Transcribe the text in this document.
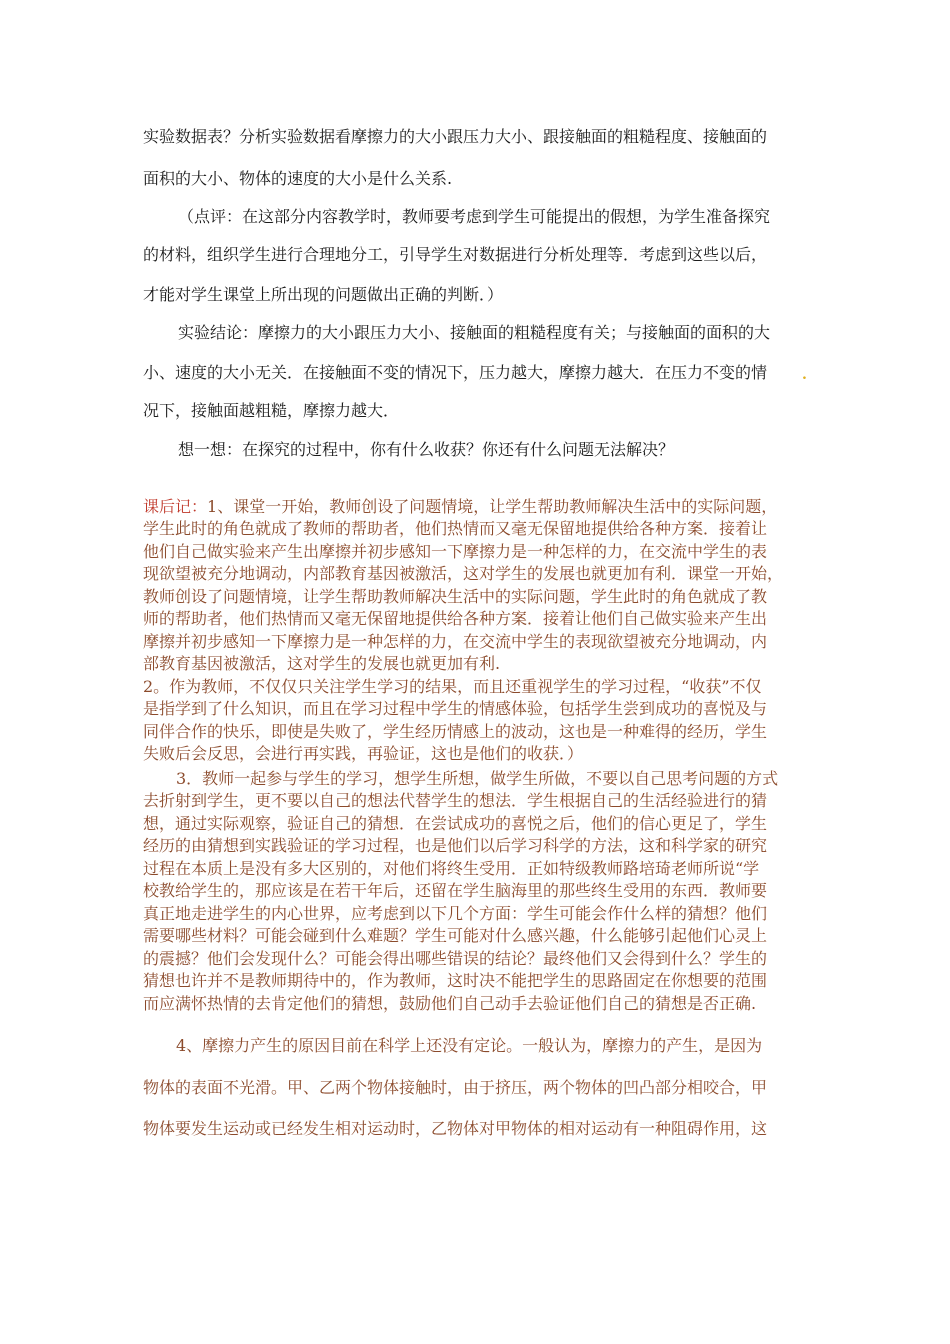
实验数据表？分析实验数据看摩擦力的大小跟压力大小、跟接触面的粗糙程度、接触面的
面积的大小、物体的速度的大小是什么关系.
（点评：在这部分内容教学时，教师要考虑到学生可能提出的假想，为学生准备探究
的材料，组织学生进行合理地分工，引导学生对数据进行分析处理等．考虑到这些以后，
才能对学生课堂上所出现的问题做出正确的判断．）
实验结论：摩擦力的大小跟压力大小、接触面的粗糙程度有关；与接触面的面积的大
小、速度的大小无关．在接触面不变的情况下，压力越大，摩擦力越大．在压力不变的情 .
况下，接触面越粗糙，摩擦力越大．
想一想：在探究的过程中，你有什么收获？你还有什么问题无法解决？
课后记：1、课堂一开始，教师创设了问题情境，让学生帮助教师解决生活中的实际问题，
学生此时的角色就成了教师的帮助者，他们热情而又毫无保留地提供给各种方案．接着让
他们自己做实验来产生出摩擦并初步感知一下摩擦力是一种怎样的力，在交流中学生的表
现欲望被充分地调动，内部教育基因被激活，这对学生的发展也就更加有利．课堂一开始，
教师创设了问题情境，让学生帮助教师解决生活中的实际问题，学生此时的角色就成了教
师的帮助者，他们热情而又毫无保留地提供给各种方案．接着让他们自己做实验来产生出
摩擦并初步感知一下摩擦力是一种怎样的力，在交流中学生的表现欲望被充分地调动，内
部教育基因被激活，这对学生的发展也就更加有利.
2。作为教师，不仅仅只关注学生学习的结果，而且还重视学生的学习过程，“收获”不仅
是指学到了什么知识，而且在学习过程中学生的情感体验，包括学生尝到成功的喜悦及与
同伴合作的快乐，即使是失败了，学生经历情感上的波动，这也是一种难得的经历，学生
失败后会反思，会进行再实践，再验证，这也是他们的收获．）
3．教师一起参与学生的学习，想学生所想，做学生所做，不要以自己思考问题的方式
去折射到学生，更不要以自己的想法代替学生的想法．学生根据自己的生活经验进行的猜
想，通过实际观察，验证自己的猜想．在尝试成功的喜悦之后，他们的信心更足了，学生
经历的由猜想到实践验证的学习过程，也是他们以后学习科学的方法，这和科学家的研究
过程在本质上是没有多大区别的，对他们将终生受用．正如特级教师路培琦老师所说“学
校教给学生的，那应该是在若干年后，还留在学生脑海里的那些终生受用的东西．教师要
真正地走进学生的内心世界，应考虑到以下几个方面：学生可能会作什么样的猜想？他们
需要哪些材料？可能会碰到什么难题？学生可能对什么感兴趣，什么能够引起他们心灵上
的震撼？他们会发现什么？可能会得出哪些错误的结论？最终他们又会得到什么？学生的
猜想也许并不是教师期待中的，作为教师，这时决不能把学生的思路固定在你想要的范围
而应满怀热情的去肯定他们的猜想，鼓励他们自己动手去验证他们自己的猜想是否正确.
4、摩擦力产生的原因目前在科学上还没有定论。一般认为，摩擦力的产生，是因为
物体的表面不光滑。甲、乙两个物体接触时，由于挤压，两个物体的凹凸部分相咬合，甲
物体要发生运动或已经发生相对运动时，乙物体对甲物体的相对运动有一种阻碍作用，这
